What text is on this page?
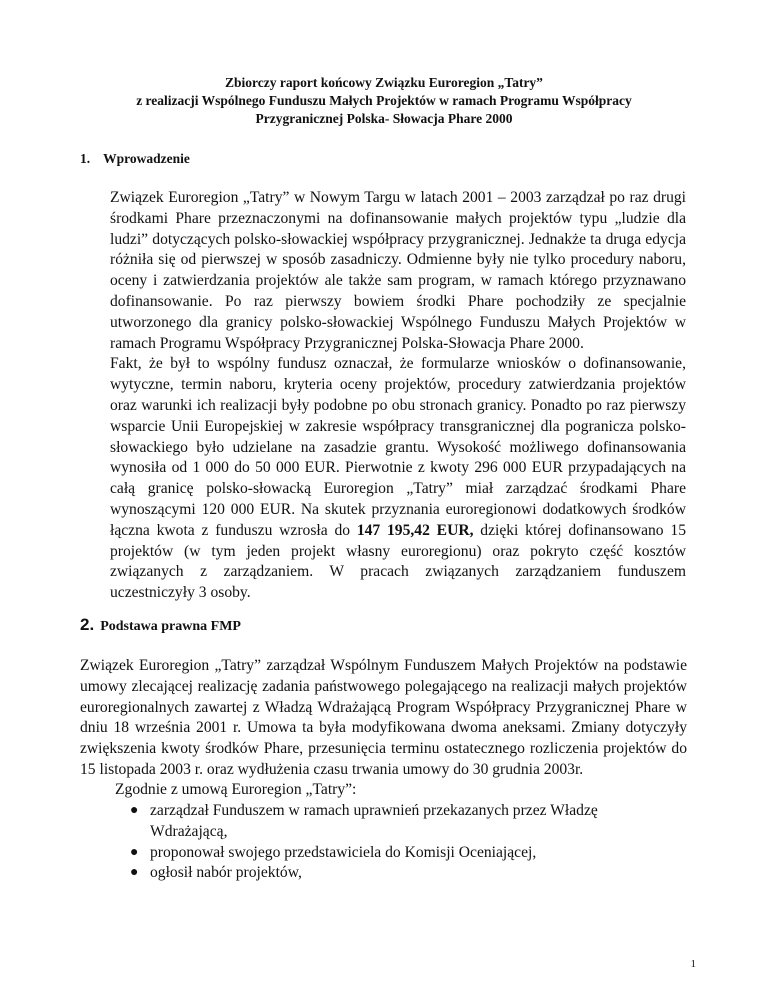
Zbiorczy raport końcowy Związku Euroregion „Tatry”
z realizacji Wspólnego Funduszu Małych Projektów w ramach Programu Współpracy
Przygranicznej Polska- Słowacja Phare 2000
1. Wprowadzenie

Związek Euroregion „Tatry” w Nowym Targu w latach 2001 – 2003 zarządzał po raz drugi środkami Phare przeznaczonymi na dofinansowanie małych projektów typu „ludzie dla ludzi” dotyczących polsko-słowackiej współpracy przygranicznej. Jednakże ta druga edycja różniła się od pierwszej w sposób zasadniczy. Odmienne były nie tylko procedury naboru, oceny i zatwierdzania projektów ale także sam program, w ramach którego przyznawano dofinansowanie. Po raz pierwszy bowiem środki Phare pochodziły ze specjalnie utworzonego dla granicy polsko-słowackiej Wspólnego Funduszu Małych Projektów w ramach Programu Współpracy Przygranicznej Polska-Słowacja Phare 2000.

Fakt, że był to wspólny fundusz oznaczał, że formularze wniosków o dofinansowanie, wytyczne, termin naboru, kryteria oceny projektów, procedury zatwierdzania projektów oraz warunki ich realizacji były podobne po obu stronach granicy. Ponadto po raz pierwszy wsparcie Unii Europejskiej w zakresie współpracy transgranicznej dla pogranicza polsko-słowackiego było udzielane na zasadzie grantu. Wysokość możliwego dofinansowania wynosiła od 1 000 do 50 000 EUR. Pierwotnie z kwoty 296 000 EUR przypadających na całą granicę polsko-słowacką Euroregion „Tatry” miał zarządzać środkami Phare wynoszącymi 120 000 EUR. Na skutek przyznania euroregionowi dodatkowych środków łączna kwota z funduszu wzrosła do 147 195,42 EUR, dzięki której dofinansowano 15 projektów (w tym jeden projekt własny euroregionu) oraz pokryto część kosztów związanych z zarządzaniem. W pracach związanych zarządzaniem funduszem uczestniczyły 3 osoby.

2. Podstawa prawna FMP

Związek Euroregion „Tatry” zarządzał Wspólnym Funduszem Małych Projektów na podstawie umowy zlecającej realizację zadania państwowego polegającego na realizacji małych projektów euroregionalnych zawartej z Władzą Wdrażającą Program Współpracy Przygranicznej Phare w dniu 18 września 2001 r. Umowa ta była modyfikowana dwoma aneksami. Zmiany dotyczyły zwiększenia kwoty środków Phare, przesunięcia terminu ostatecznego rozliczenia projektów do 15 listopada 2003 r. oraz wydłużenia czasu trwania umowy do 30 grudnia 2003r.

Zgodnie z umową Euroregion „Tatry”:
● zarządzał Funduszem w ramach uprawnień przekazanych przez Władzę Wdrażającą,
● proponował swojego przedstawiciela do Komisji Oceniającej,
● ogłosił nabór projektów,
1
